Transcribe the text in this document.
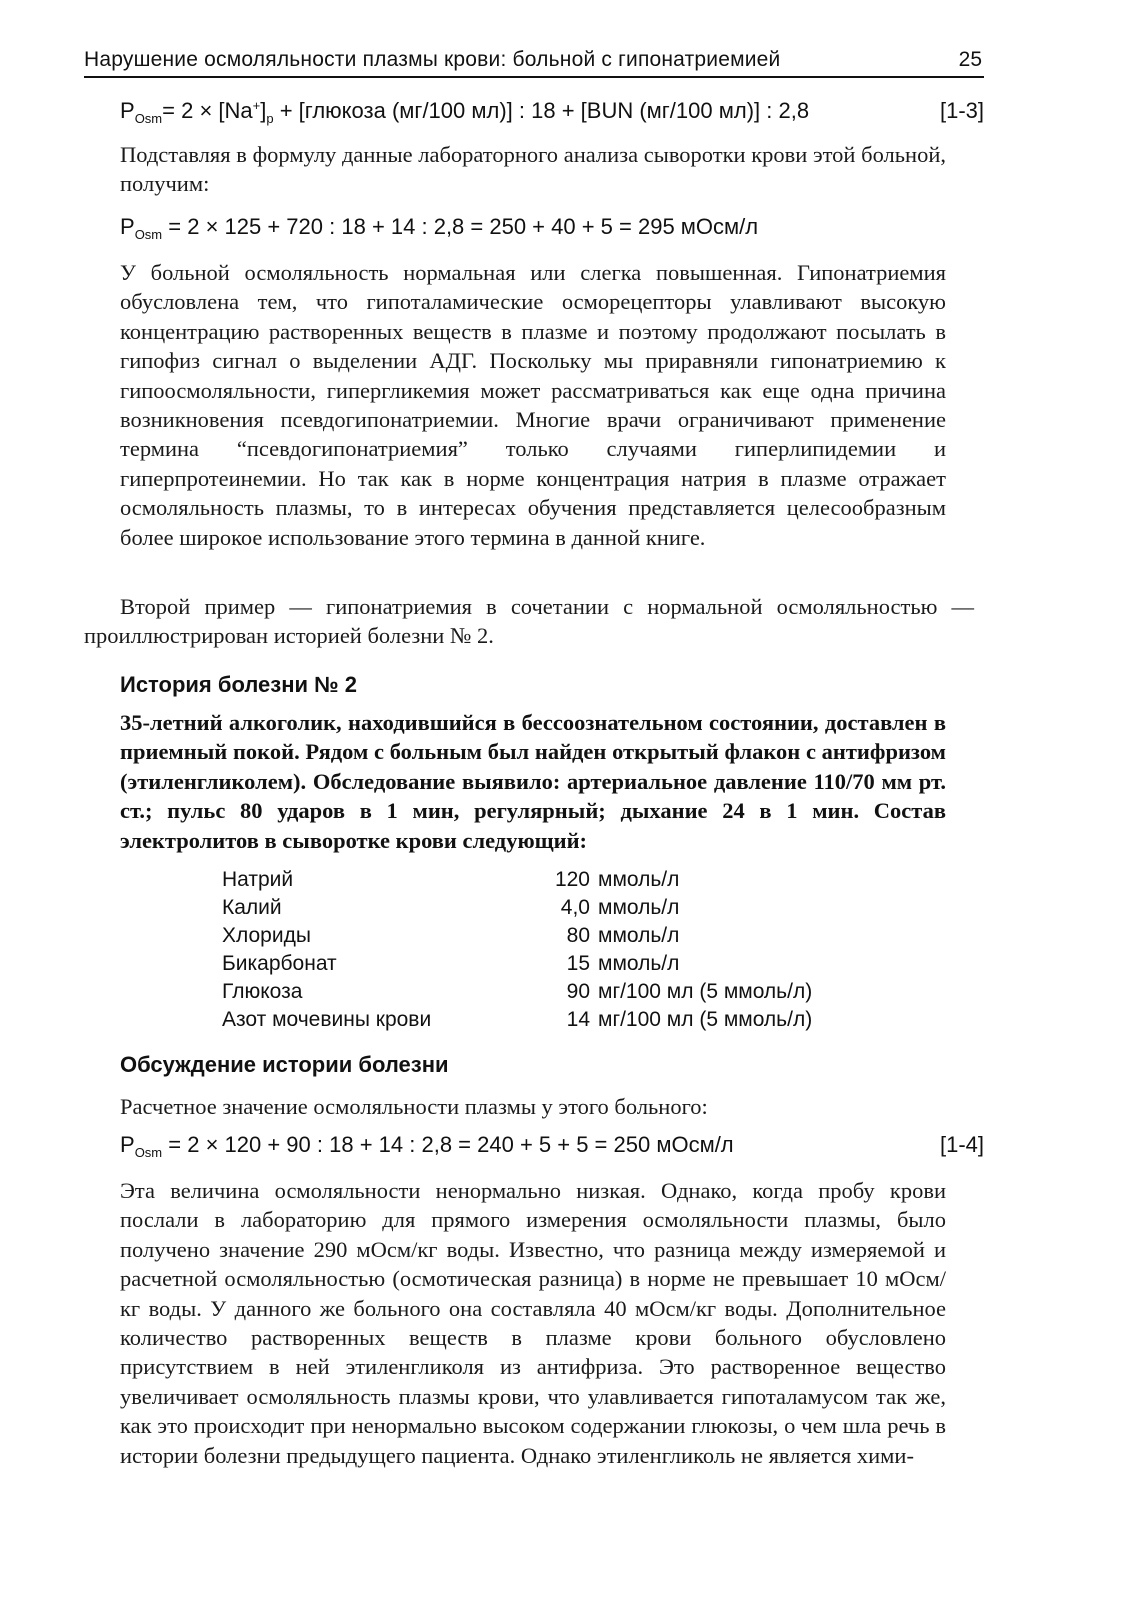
Нарушение осмоляльности плазмы крови: больной с гипонатриемией	25
$P_{Osm}= 2 \times [Na^+]_p$ + [глюкоза (мг/100 мл)] : 18 + [BUN (мг/100 мл)] : 2,8	[1-3]

Подставляя в формулу данные лабораторного анализа сыворотки крови этой больной, получим:

$P_{Osm} = 2 \times 125 + 720$ : 18 + 14 : 2,8 = 250 + 40 + 5 = 295 мОсм/л

У больной осмоляльность нормальная или слегка повышенная. Гипонатриемия обусловлена тем, что гипоталамические осморецепторы улавливают высокую концентрацию растворенных веществ в плазме и поэтому продолжают посылать в гипофиз сигнал о выделении АДГ. Поскольку мы приравняли гипонатриемию к гипоосмоляльности, гипергликемия может рассматриваться как еще одна причина возникновения псевдогипонатриемии. Многие врачи ограничивают применение термина “псевдогипонатриемия” только случаями гиперлипидемии и гиперпротеинемии. Но так как в норме концентрация натрия в плазме отражает осмоляльность плазмы, то в интересах обучения представляется целесообразным более широкое использование этого термина в данной книге.

Второй пример — гипонатриемия в сочетании с нормальной осмоляльностью — проиллюстрирован историей болезни № 2.

История болезни № 2

35-летний алкоголик, находившийся в бессоознательном состоянии, доставлен в приемный покой. Рядом с больным был найден открытый флакон с антифризом (этиленгликолем). Обследование выявило: артериальное давление 110/70 мм рт. ст.; пульс 80 ударов в 1 мин, регулярный; дыхание 24 в 1 мин. Состав электролитов в сыворотке крови следующий:

Натрий	120 ммоль/л
Калий	4,0 ммоль/л
Хлориды	80 ммоль/л
Бикарбонат	15 ммоль/л
Глюкоза	90 мг/100 мл (5 ммоль/л)
Азот мочевины крови	14 мг/100 мл (5 ммоль/л)
Обсуждение истории болезни

Расчетное значение осмоляльности плазмы у этого больного:

$P_{Osm} = 2 \times 120 + 90$ : 18 + 14 : 2,8 = 240 + 5 + 5 = 250 мОсм/л	[1-4]

Эта величина осмоляльности ненормально низкая. Однако, когда пробу крови послали в лабораторию для прямого измерения осмоляльности плазмы, было получено значение 290 мОсм/кг воды. Известно, что разница между измеряемой и расчетной осмоляльностью (осмотическая разница) в норме не превышает 10 мОсм/кг воды. У данного же больного она составляла 40 мОсм/кг воды. Дополнительное количество растворенных веществ в плазме крови больного обусловлено присутствием в ней этиленгликоля из антифриза. Это растворенное вещество увеличивает осмоляльность плазмы крови, что улавливается гипоталамусом так же, как это происходит при ненормально высоком содержании глюкозы, о чем шла речь в истории болезни предыдущего пациента. Однако этиленгликоль не является хими-
